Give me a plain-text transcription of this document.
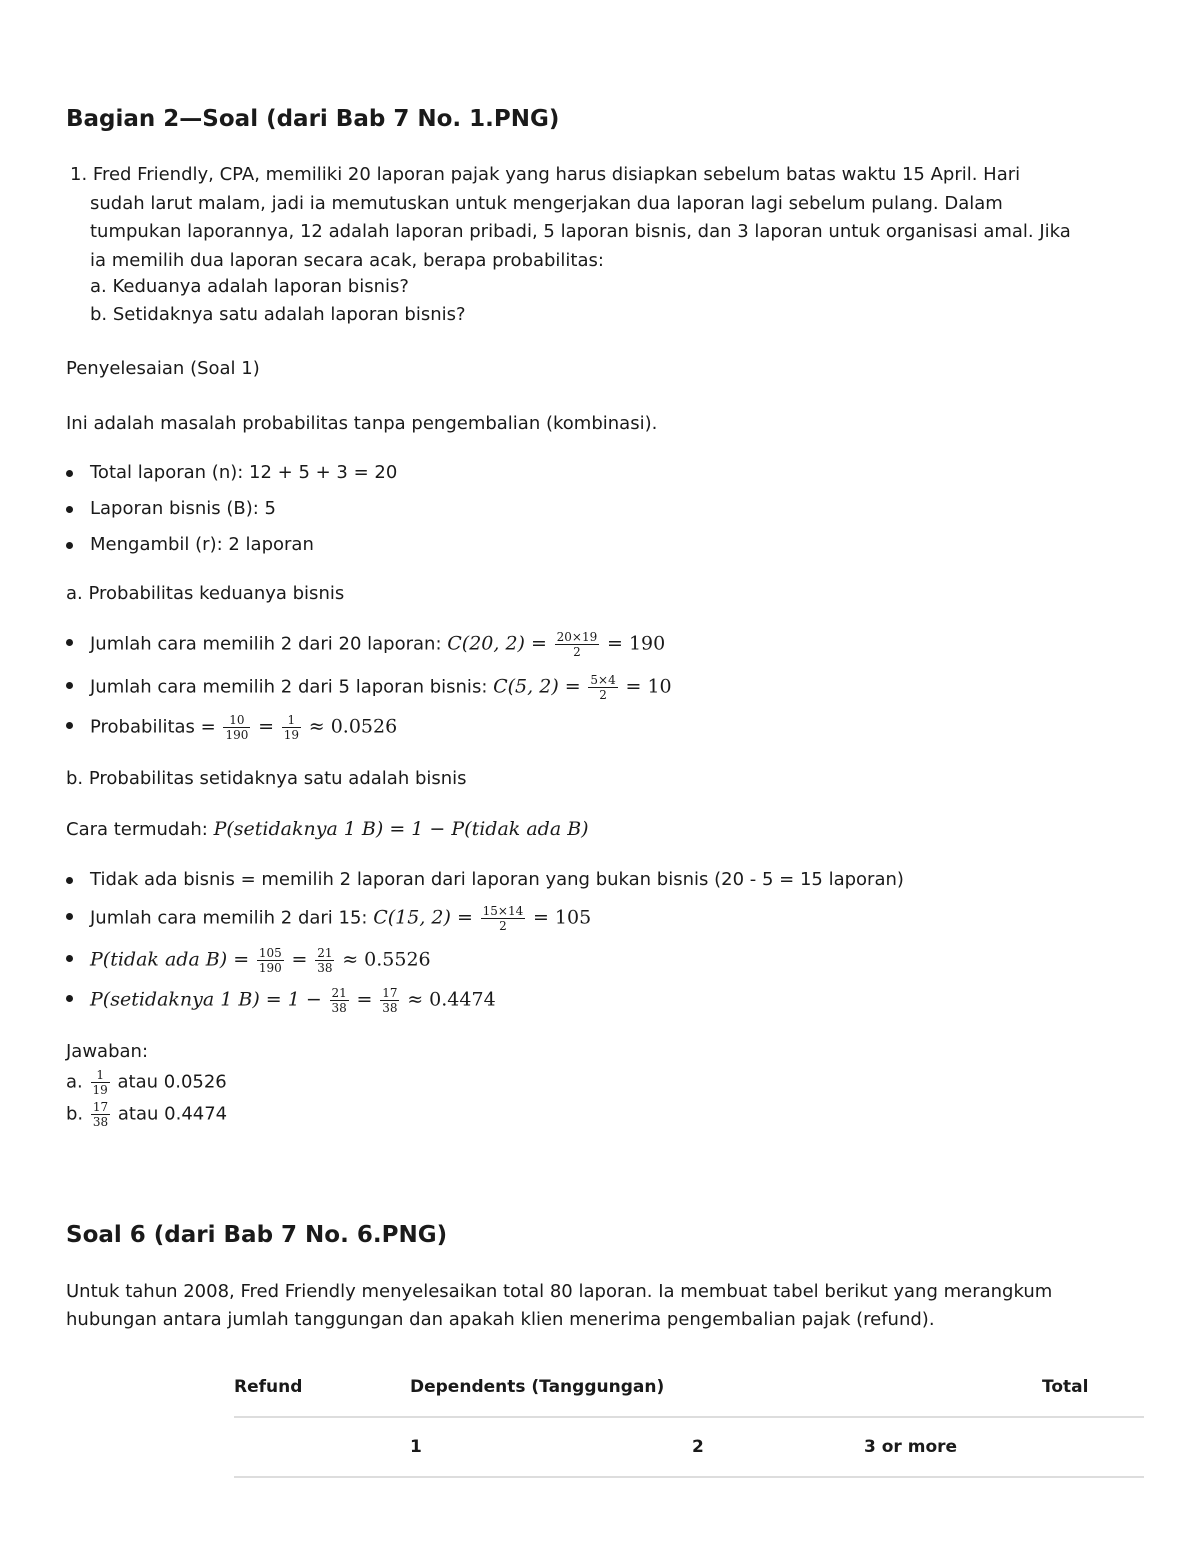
Bagian 2—Soal (dari Bab 7 No. 1.PNG)
1. Fred Friendly, CPA, memiliki 20 laporan pajak yang harus disiapkan sebelum batas waktu 15 April. Hari
sudah larut malam, jadi ia memutuskan untuk mengerjakan dua laporan lagi sebelum pulang. Dalam
tumpukan laporannya, 12 adalah laporan pribadi, 5 laporan bisnis, dan 3 laporan untuk organisasi amal. Jika
ia memilih dua laporan secara acak, berapa probabilitas:
a. Keduanya adalah laporan bisnis?
b. Setidaknya satu adalah laporan bisnis?
Penyelesaian (Soal 1)
Ini adalah masalah probabilitas tanpa pengembalian (kombinasi).
Total laporan (n): 12 + 5 + 3 = 20
Laporan bisnis (B): 5
Mengambil (r): 2 laporan
a. Probabilitas keduanya bisnis
Jumlah cara memilih 2 dari 20 laporan: C(20, $2) = \frac{20\times 19}{2} = 190$
Jumlah cara memilih 2 dari 5 laporan bisnis: C(5, $2) = \frac{5\times 4}{2} = 10$
Probabilitas = $\frac{10}{190} = \frac{1}{19} \approx 0.0526$
b. Probabilitas setidaknya satu adalah bisnis
Cara termudah: P(setidaknya 1 B) = 1 − P(tidak ada B)
Tidak ada bisnis = memilih 2 laporan dari laporan yang bukan bisnis (20 - 5 = 15 laporan)
Jumlah cara memilih 2 dari 15: C(15, $2) = \frac{15\times 14}{2} = 105$
P(tidak ada $B) = \frac{105}{190} = \frac{21}{38} \approx 0.5526$
P(setidaknya 1 $B) = 1 - \frac{21}{38} = \frac{17}{38} \approx 0.4474$
Jawaban:
a. $\frac{1}{19}$ atau 0.0526
b. $\frac{17}{38}$ atau 0.4474
Soal 6 (dari Bab 7 No. 6.PNG)
Untuk tahun 2008, Fred Friendly menyelesaikan total 80 laporan. Ia membuat tabel berikut yang merangkum
hubungan antara jumlah tanggungan dan apakah klien menerima pengembalian pajak (refund).
Refund	Dependents (Tanggungan)			Total
	1	2	3 or more	
